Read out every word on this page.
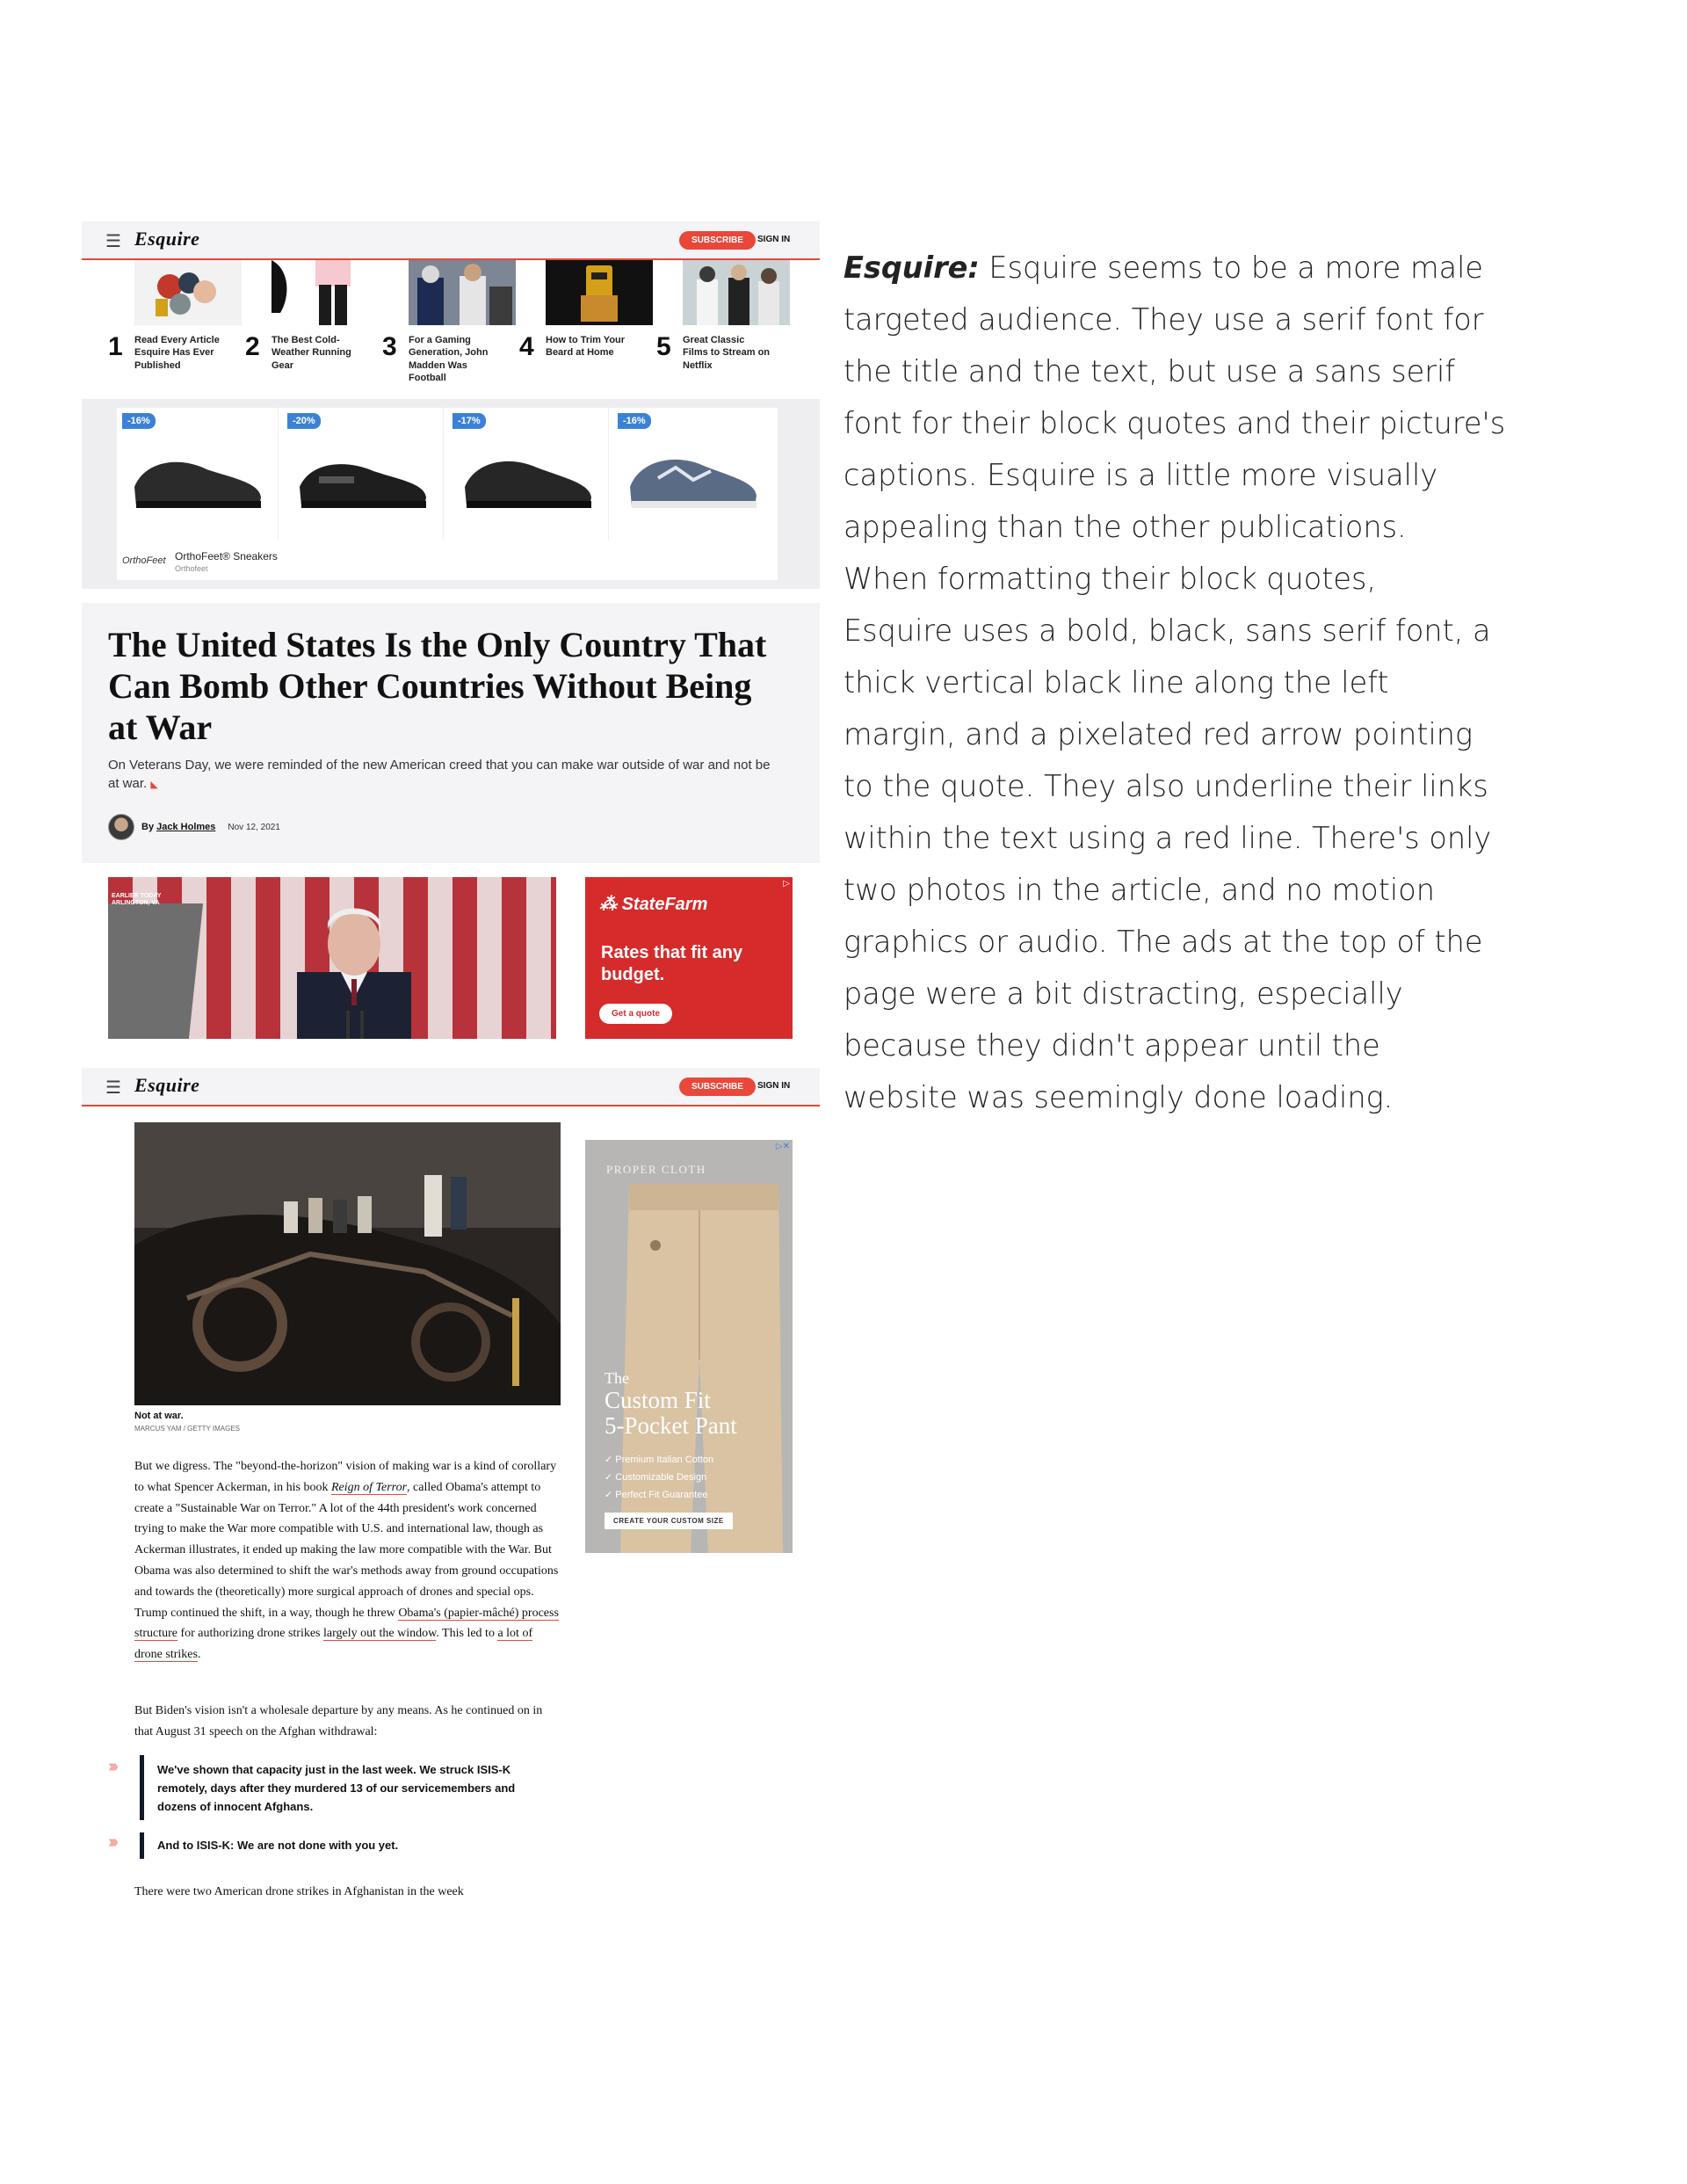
☰ Esquire	SUBSCRIBE	SIGN IN
1	Read Every Article Esquire Has Ever Published
2	The Best Cold-Weather Running Gear
3	For a Gaming Generation, John Madden Was Football
4	How to Trim Your Beard at Home	5	Great Classic Films to Stream on Netflix
-16%	-20%	-17%	-16%
OrthoFeet OrthoFeet® Sneakers
Orthofeet
The United States Is the Only Country That Can Bomb Other Countries Without Being at War

On Veterans Day, we were reminded of the new American creed that you can make war outside of war and not be at war. ◣

By Jack Holmes Nov 12, 2021
EARLIER TODAY ARLINGTON, VA
▷
⁂ StateFarm
Rates that fit any budget.
Get a quote
☰ Esquire	SUBSCRIBE	SIGN IN
Not at war.
MARCUS YAM / GETTY IMAGES

But we digress. The "beyond-the-horizon" vision of making war is a kind of corollary to what Spencer Ackerman, in his book Reign of Terror, called Obama's attempt to create a "Sustainable War on Terror." A lot of the 44th president's work concerned trying to make the War more compatible with U.S. and international law, though as Ackerman illustrates, it ended up making the law more compatible with the War. But Obama was also determined to shift the war's methods away from ground occupations and towards the (theoretically) more surgical approach of drones and special ops. Trump continued the shift, in a way, though he threw Obama's (papier-mâché) process structure for authorizing drone strikes largely out the window. This led to a lot of drone strikes.

But Biden's vision isn't a wholesale departure by any means. As he continued on in that August 31 speech on the Afghan withdrawal:

›››	We've shown that capacity just in the last week. We struck ISIS-K remotely, days after they murdered 13 of our servicemembers and dozens of innocent Afghans.
›››	And to ISIS-K: We are not done with you yet.

There were two American drone strikes in Afghanistan in the week

▷✕
PROPER CLOTH
The
Custom Fit
5-Pocket Pant
✓ Premium Italian Cotton
✓ Customizable Design
✓ Perfect Fit Guarantee
CREATE YOUR CUSTOM SIZE
Esquire: Esquire seems to be a more male
targeted audience. They use a serif font for
the title and the text, but use a sans serif
font for their block quotes and their picture's
captions. Esquire is a little more visually
appealing than the other publications.
When formatting their block quotes,
Esquire uses a bold, black, sans serif font, a
thick vertical black line along the left
margin, and a pixelated red arrow pointing
to the quote. They also underline their links
within the text using a red line. There's only
two photos in the article, and no motion
graphics or audio. The ads at the top of the
page were a bit distracting, especially
because they didn't appear until the
website was seemingly done loading.
